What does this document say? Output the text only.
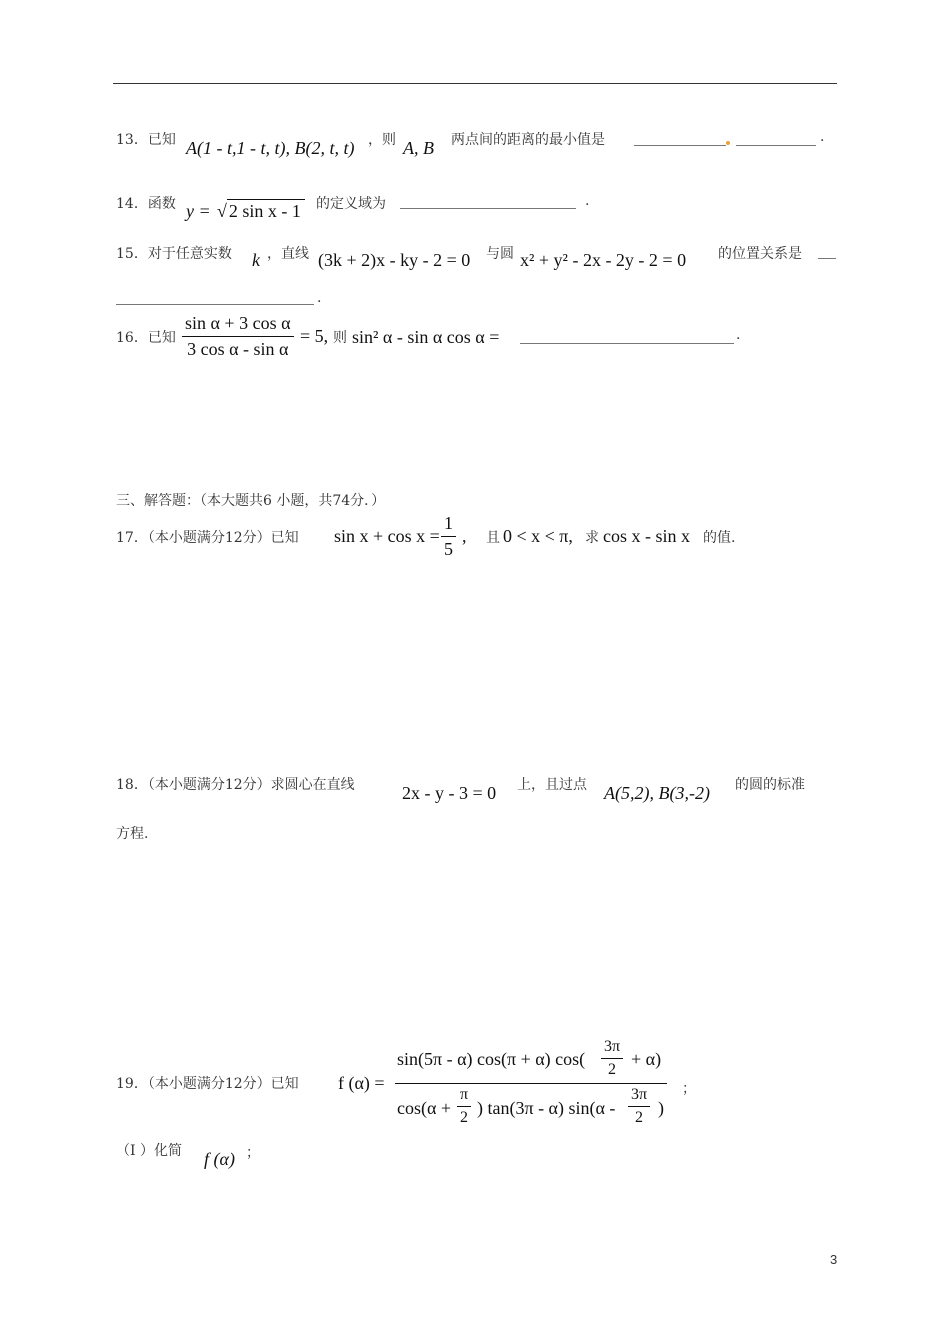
13．已知 A(1 - t,1 - t, t), B(2, t, t) ，则 A, B 两点间的距离的最小值是	.
14．函数 y = √ 2 sin x - 1 的定义域为	.
15．对于任意实数 k ，直线 (3k + 2)x - ky - 2 = 0 与圆 x² + y² - 2x - 2y - 2 = 0 的位置关系是
.
16．已知 $\frac{\text{sin α + 3 cos α}}{\text{3 cos α - sin α}} = 5$, 则 sin² α - sin α cos α =	.
三、解答题：（本大题共6 小题，共74分．）
17．（本小题满分12分）已知 $\sin x + \cos x = \frac{1}{5}$ , 且 0 < x < π, 求 cos x - sin x 的值.
18．（本小题满分12分）求圆心在直线	2x - y - 3 = 0 上，且过点 A(5,2), B(3,-2) 的圆的标准
方程.
19．（本小题满分12分）已知 f (α) =
sin(5π - α) cos(π + α) $\cos( \frac{3\pi}{2} + \alpha)$
$\cos(\alpha + \frac{\pi}{2}$ ) tan(3π - α) $\sin(\alpha - \frac{3\pi}{2}$ )
；
（Ⅰ ）化简 f (α) ；
3
